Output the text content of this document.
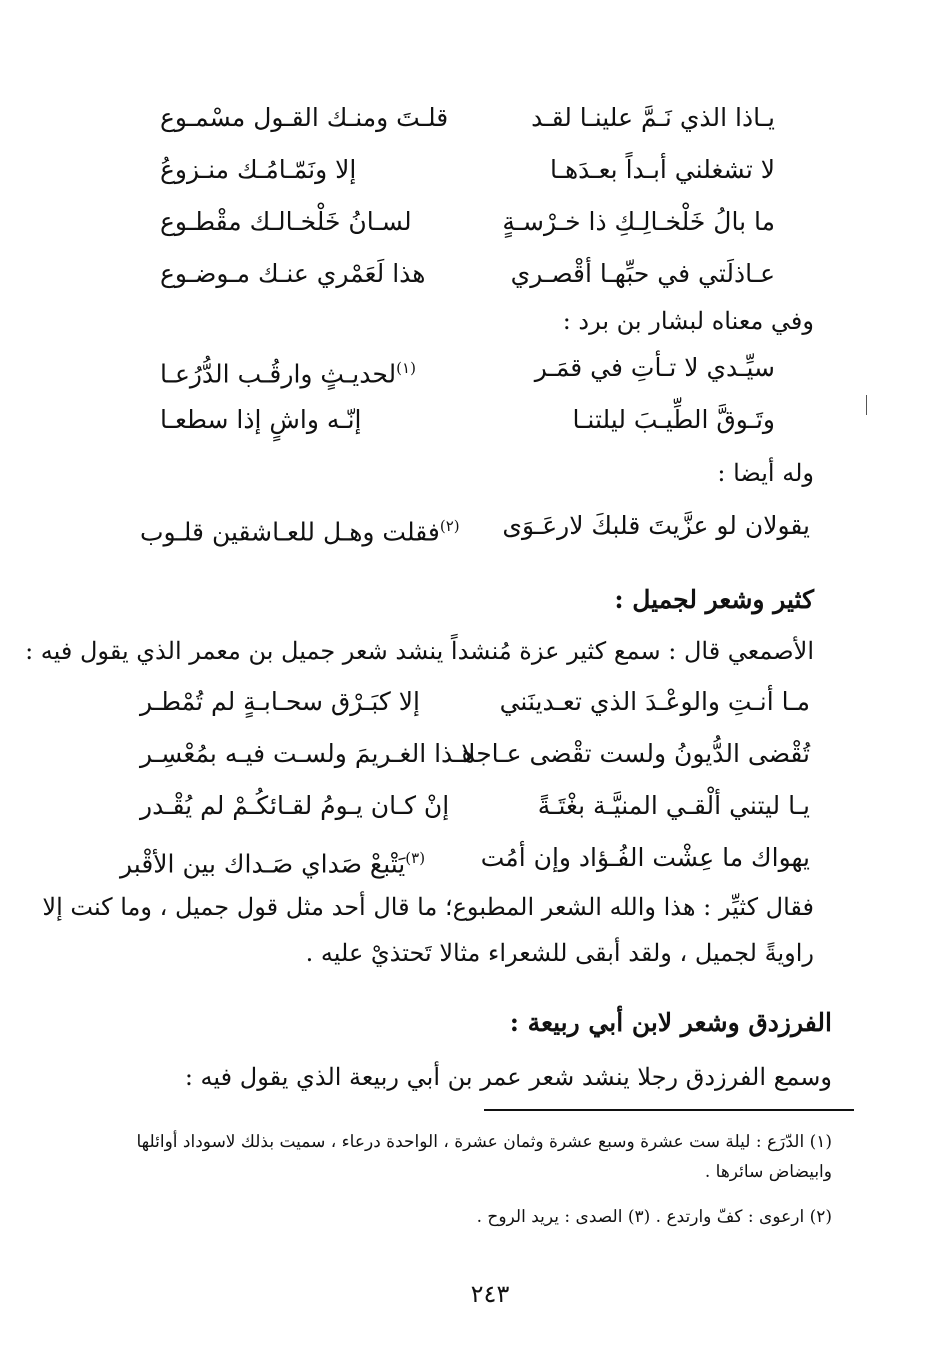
يـاذا الذي نَـمَّ علينـا لقـد
قلـتَ ومنـك القـول مسْمـوع
لا تشغلني أبـداً بعـدَهـا
إلا ونَمّـامُـك منـزوعُ
ما بالُ خَلْخـالِـكِ ذا خـرْسـةٍ
لسـانُ خَلْخـالـك مقْطـوع
عـاذلَتي في حبِّهـا أقْصـري
هذا لَعَمْري عنـك مـوضـوع
وفي معناه لبشار بن برد :
سيِّـدي لا تـأتِ في قمَـر
$^{(١)}$لحديـثٍ وارقُـب الدُّرُعـا
وتَـوقَّ الطِّيـبَ ليلتنـا
إنّـه واشٍ إذا سطعـا
وله أيضا :
يقولان لو عزَّيتَ قلبكَ لارعَـوَى
$^{(٢)}$فقلت وهـل للعـاشقين قلـوب
كثير وشعر لجميل :
الأصمعي قال : سمع كثير عزة مُنشداً ينشد شعر جميل بن معمر الذي يقول فيه :
مـا أنـتِ والوعْـدَ الذي تعـدينَني
إلا كبَـرْق سحـابـةٍ لم تُمْطـر
تُقْضى الدُّيونُ ولست تقْضى عـاجلا
هـذا الغـريمَ ولسـت فيـه بمُعْسِـر
يـا ليتني ألْقـي المنيَّـة بغْتَـةً
إنْ كـان يـومُ لقـائكُـمْ لم يُقْـدر
يهواك ما عِشْت الفُـؤاد وإن أمُت
$^{(٣)}$يَتْبعْ صَداي صَـداك بين الأقْبر
فقال كثيِّر : هذا والله الشعر المطبوع؛ ما قال أحد مثل قول جميل ، وما كنت إلا
راويةً لجميل ، ولقد أبقى للشعراء مثالا تَحتذيْ عليه .
الفرزدق وشعر لابن أبي ربيعة :
وسمع الفرزدق رجلا ينشد شعر عمر بن أبي ربيعة الذي يقول فيه :
(١) الدّرَع : ليلة ست عشرة وسبع عشرة وثمان عشرة ، الواحدة درعاء ، سميت بذلك لاسوداد أوائلها
وابيضاض سائرها .
(٢) ارعوى : كفّ وارتدع . (٣) الصدى : يريد الروح .
٢٤٣
